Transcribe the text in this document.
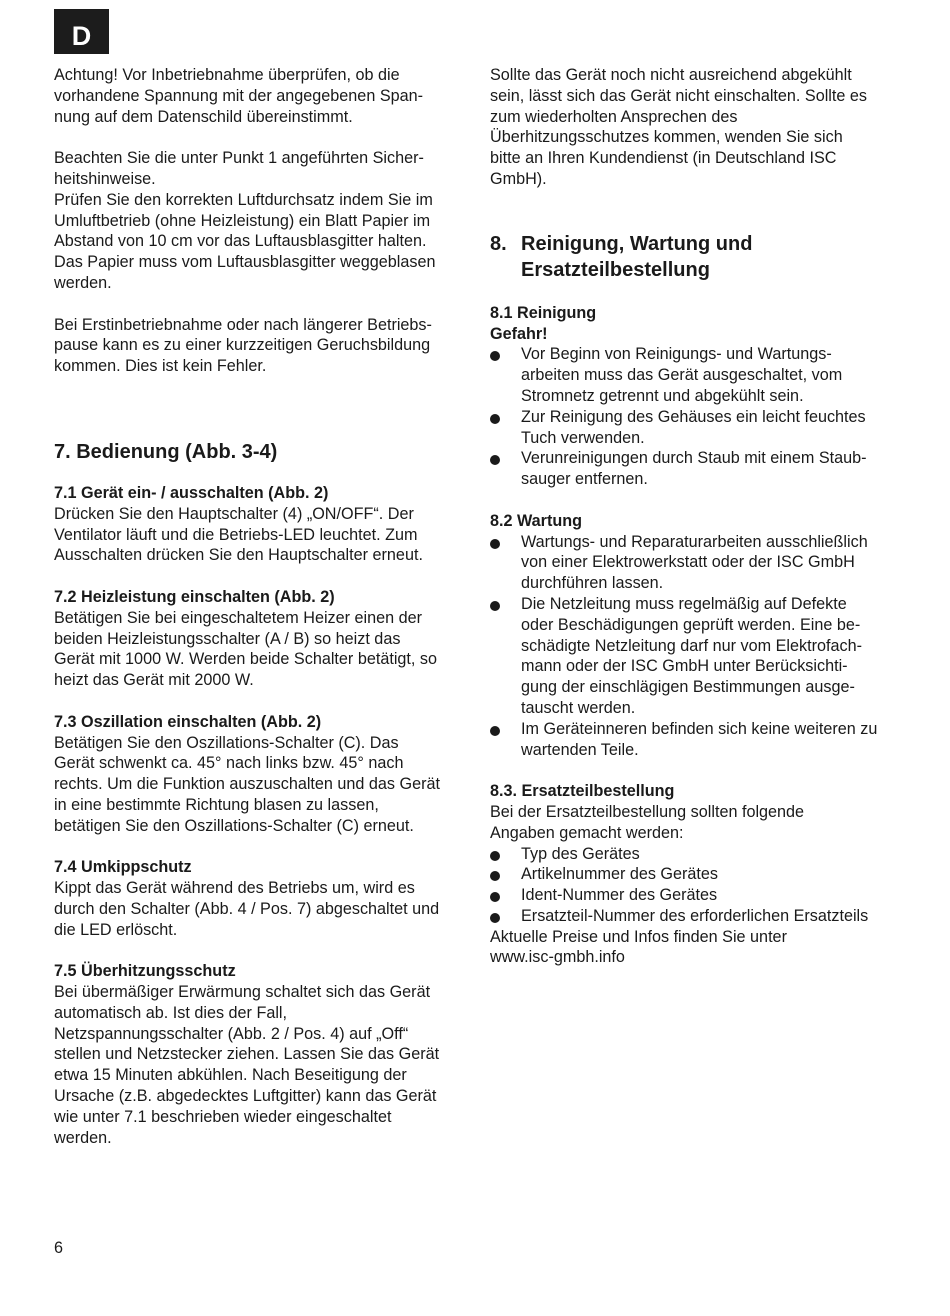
D

Achtung! Vor Inbetriebnahme überprüfen, ob die
vorhandene Spannung mit der angegebenen Span-
nung auf dem Datenschild übereinstimmt.

Beachten Sie die unter Punkt 1 angeführten Sicher-
heitshinweise.

Prüfen Sie den korrekten Luftdurchsatz indem Sie im
Umluftbetrieb (ohne Heizleistung) ein Blatt Papier im
Abstand von 10 cm vor das Luftausblasgitter halten.
Das Papier muss vom Luftausblasgitter weggeblasen
werden.

Bei Erstinbetriebnahme oder nach längerer Betriebs-
pause kann es zu einer kurzzeitigen Geruchsbildung
kommen. Dies ist kein Fehler.

7. Bedienung (Abb. 3-4)

7.1 Gerät ein- / ausschalten (Abb. 2)

Drücken Sie den Hauptschalter (4) „ON/OFF“. Der
Ventilator läuft und die Betriebs-LED leuchtet. Zum
Ausschalten drücken Sie den Hauptschalter erneut.

7.2 Heizleistung einschalten (Abb. 2)

Betätigen Sie bei eingeschaltetem Heizer einen der
beiden Heizleistungsschalter (A / B) so heizt das
Gerät mit 1000 W. Werden beide Schalter betätigt, so
heizt das Gerät mit 2000 W.

7.3 Oszillation einschalten (Abb. 2)

Betätigen Sie den Oszillations-Schalter (C). Das
Gerät schwenkt ca. 45° nach links bzw. 45° nach
rechts. Um die Funktion auszuschalten und das Gerät
in eine bestimmte Richtung blasen zu lassen,
betätigen Sie den Oszillations-Schalter (C) erneut.

7.4 Umkippschutz

Kippt das Gerät während des Betriebs um, wird es
durch den Schalter (Abb. 4 / Pos. 7) abgeschaltet und
die LED erlöscht.

7.5 Überhitzungsschutz

Bei übermäßiger Erwärmung schaltet sich das Gerät
automatisch ab. Ist dies der Fall,
Netzspannungsschalter (Abb. 2 / Pos. 4) auf „Off“
stellen und Netzstecker ziehen. Lassen Sie das Gerät
etwa 15 Minuten abkühlen. Nach Beseitigung der
Ursache (z.B. abgedecktes Luftgitter) kann das Gerät
wie unter 7.1 beschrieben wieder eingeschaltet
werden.

Sollte das Gerät noch nicht ausreichend abgekühlt
sein, lässt sich das Gerät nicht einschalten. Sollte es
zum wiederholten Ansprechen des
Überhitzungsschutzes kommen, wenden Sie sich
bitte an Ihren Kundendienst (in Deutschland ISC
GmbH).

8. Reinigung, Wartung und
Ersatzteilbestellung

8.1 Reinigung

Gefahr!

Vor Beginn von Reinigungs- und Wartungs-
arbeiten muss das Gerät ausgeschaltet, vom
Stromnetz getrennt und abgekühlt sein.
Zur Reinigung des Gehäuses ein leicht feuchtes
Tuch verwenden.
Verunreinigungen durch Staub mit einem Staub-
sauger entfernen.

8.2 Wartung

Wartungs- und Reparaturarbeiten ausschließlich
von einer Elektrowerkstatt oder der ISC GmbH
durchführen lassen.
Die Netzleitung muss regelmäßig auf Defekte
oder Beschädigungen geprüft werden. Eine be-
schädigte Netzleitung darf nur vom Elektrofach-
mann oder der ISC GmbH unter Berücksichti-
gung der einschlägigen Bestimmungen ausge-
tauscht werden.
Im Geräteinneren befinden sich keine weiteren zu
wartenden Teile.

8.3. Ersatzteilbestellung

Bei der Ersatzteilbestellung sollten folgende
Angaben gemacht werden:

Typ des Gerätes
Artikelnummer des Gerätes
Ident-Nummer des Gerätes
Ersatzteil-Nummer des erforderlichen Ersatzteils

Aktuelle Preise und Infos finden Sie unter
www.isc-gmbh.info

6
